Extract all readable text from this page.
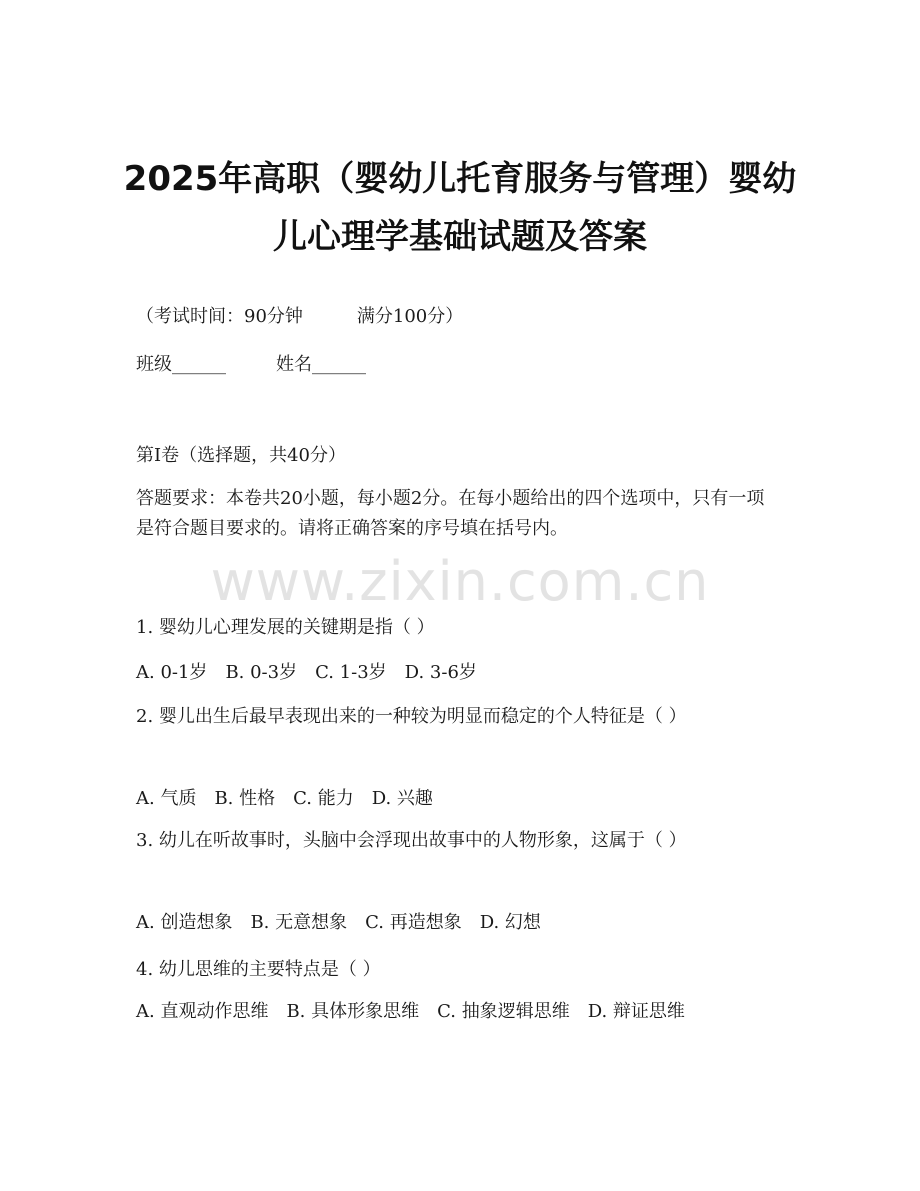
2025年高职（婴幼儿托育服务与管理）婴幼
儿心理学基础试题及答案
（考试时间：90分钟	满分100分）
班级______	姓名______
第Ⅰ卷（选择题，共40分）
答题要求：本卷共20小题，每小题2分。在每小题给出的四个选项中，只有一项是符合题目要求的。请将正确答案的序号填在括号内。
www.zixin.com.cn
1. 婴幼儿心理发展的关键期是指（ ）
A. 0-1岁 B. 0-3岁 C. 1-3岁 D. 3-6岁
2. 婴儿出生后最早表现出来的一种较为明显而稳定的个人特征是（ ）
A. 气质 B. 性格 C. 能力 D. 兴趣
3. 幼儿在听故事时，头脑中会浮现出故事中的人物形象，这属于（ ）
A. 创造想象 B. 无意想象 C. 再造想象 D. 幻想
4. 幼儿思维的主要特点是（ ）
A. 直观动作思维 B. 具体形象思维 C. 抽象逻辑思维 D. 辩证思维
